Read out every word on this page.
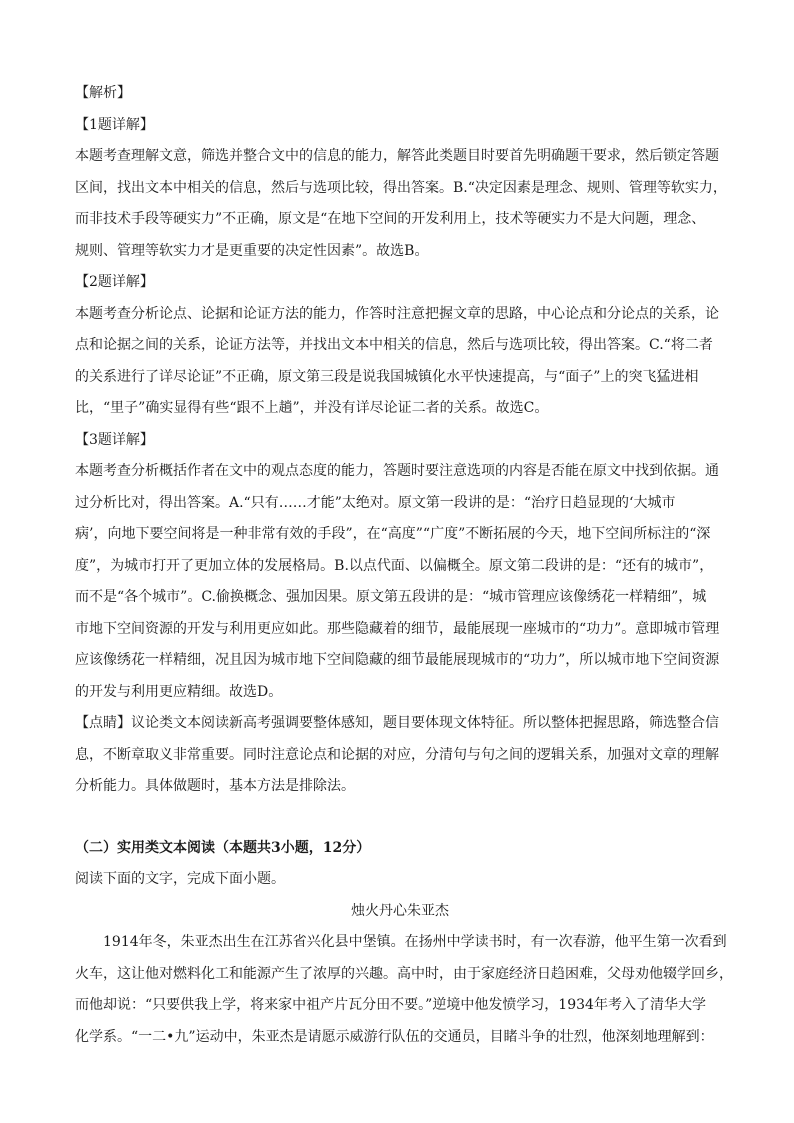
【解析】

【1题详解】

本题考查理解文意，筛选并整合文中的信息的能力，解答此类题目时要首先明确题干要求，然后锁定答题

区间，找出文本中相关的信息，然后与选项比较，得出答案。B.“决定因素是理念、规则、管理等软实力，

而非技术手段等硬实力”不正确，原文是“在地下空间的开发利用上，技术等硬实力不是大问题，理念、

规则、管理等软实力才是更重要的决定性因素”。故选B。

【2题详解】

本题考查分析论点、论据和论证方法的能力，作答时注意把握文章的思路，中心论点和分论点的关系，论

点和论据之间的关系，论证方法等，并找出文本中相关的信息，然后与选项比较，得出答案。C.“将二者

的关系进行了详尽论证”不正确，原文第三段是说我国城镇化水平快速提高，与“面子”上的突飞猛进相

比，“里子”确实显得有些“跟不上趟”，并没有详尽论证二者的关系。故选C。

【3题详解】

本题考查分析概括作者在文中的观点态度的能力，答题时要注意选项的内容是否能在原文中找到依据。通

过分析比对，得出答案。A.“只有……才能”太绝对。原文第一段讲的是：“治疗日趋显现的‘大城市

病’，向地下要空间将是一种非常有效的手段”，在“高度”“广度”不断拓展的今天，地下空间所标注的“深

度”，为城市打开了更加立体的发展格局。B.以点代面、以偏概全。原文第二段讲的是：“还有的城市”，

而不是“各个城市”。C.偷换概念、强加因果。原文第五段讲的是：“城市管理应该像绣花一样精细”，城

市地下空间资源的开发与利用更应如此。那些隐藏着的细节，最能展现一座城市的“功力”。意即城市管理

应该像绣花一样精细，况且因为城市地下空间隐藏的细节最能展现城市的“功力”，所以城市地下空间资源

的开发与利用更应精细。故选D。

【点睛】议论类文本阅读新高考强调要整体感知，题目要体现文体特征。所以整体把握思路，筛选整合信

息，不断章取义非常重要。同时注意论点和论据的对应，分清句与句之间的逻辑关系，加强对文章的理解

分析能力。具体做题时，基本方法是排除法。

（二）实用类文本阅读（本题共3小题，12分）

阅读下面的文字，完成下面小题。

烛火丹心朱亚杰

1914年冬，朱亚杰出生在江苏省兴化县中堡镇。在扬州中学读书时，有一次春游，他平生第一次看到

火车，这让他对燃料化工和能源产生了浓厚的兴趣。高中时，由于家庭经济日趋困难，父母劝他辍学回乡，

而他却说：“只要供我上学，将来家中祖产片瓦分田不要。”逆境中他发愤学习，1934年考入了清华大学

化学系。“一二•九”运动中，朱亚杰是请愿示威游行队伍的交通员，目睹斗争的壮烈，他深刻地理解到：
